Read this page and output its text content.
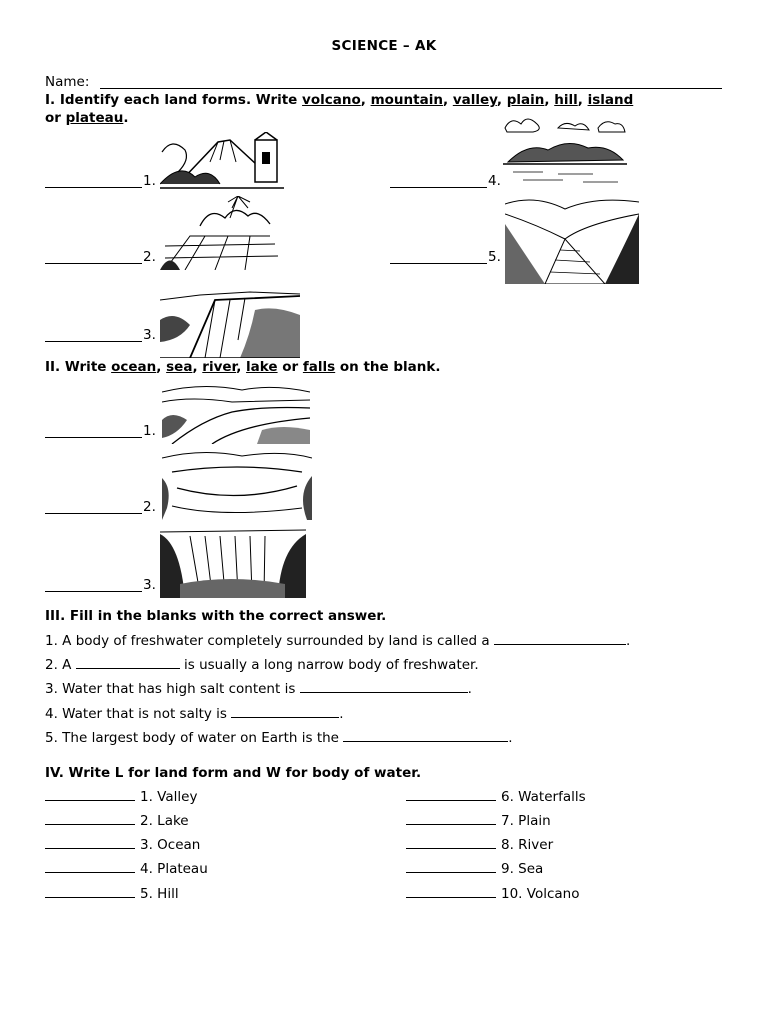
SCIENCE – AK
Name:
I. Identify each land forms. Write volcano, mountain, valley, plain, hill, island
or plateau.
1.
2.
3.
4.
5.
II. Write ocean, sea, river, lake or falls on the blank.
1.
2.
3.
III. Fill in the blanks with the correct answer.
1. A body of freshwater completely surrounded by land is called a	.
2. A	is usually a long narrow body of freshwater.
3. Water that has high salt content is	.
4. Water that is not salty is	.
5. The largest body of water on Earth is the	.
IV. Write L for land form and W for body of water.
1. Valley
2. Lake
3. Ocean
4. Plateau
5. Hill
6. Waterfalls
7. Plain
8. River
9. Sea
10. Volcano
